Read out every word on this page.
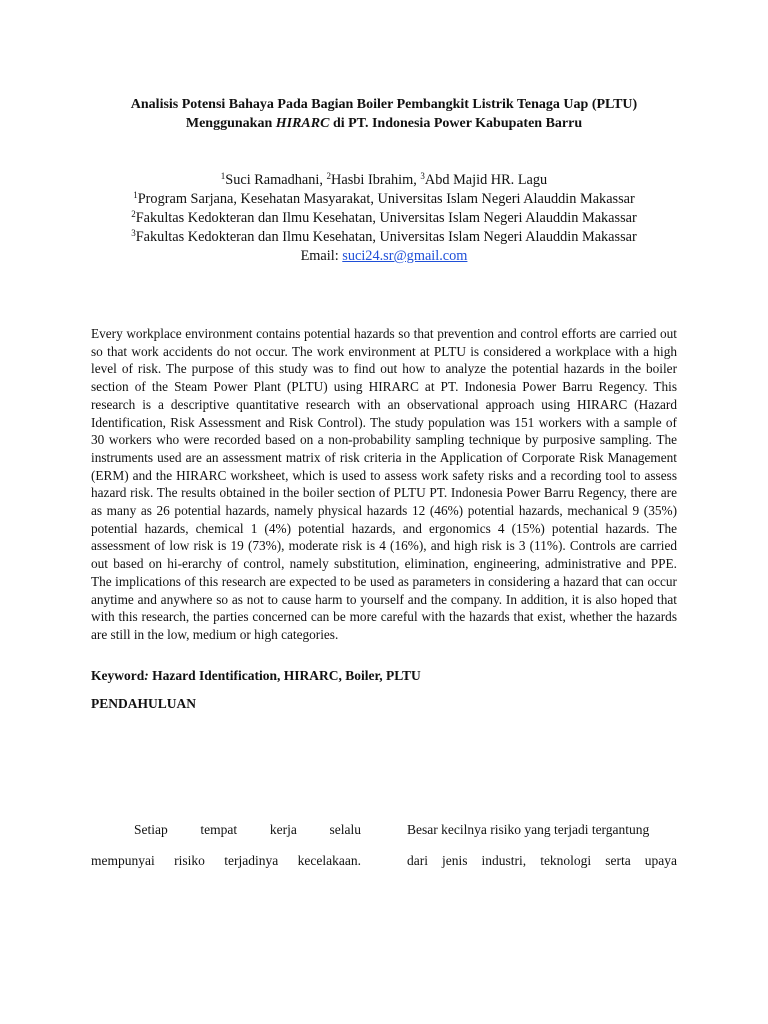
Analisis Potensi Bahaya Pada Bagian Boiler Pembangkit Listrik Tenaga Uap (PLTU)
Menggunakan HIRARC di PT. Indonesia Power Kabupaten Barru
$^1$Suci Ramadhani, $^2$Hasbi Ibrahim, $^3$Abd Majid HR. Lagu
$^1$Program Sarjana, Kesehatan Masyarakat, Universitas Islam Negeri Alauddin Makassar
$^2$Fakultas Kedokteran dan Ilmu Kesehatan, Universitas Islam Negeri Alauddin Makassar
$^3$Fakultas Kedokteran dan Ilmu Kesehatan, Universitas Islam Negeri Alauddin Makassar
Email: suci24.sr@gmail.com
Every workplace environment contains potential hazards so that prevention and control efforts are carried out so that work accidents do not occur. The work environment at PLTU is considered a workplace with a high level of risk. The purpose of this study was to find out how to analyze the potential hazards in the boiler section of the Steam Power Plant (PLTU) using HIRARC at PT. Indonesia Power Barru Regency. This research is a descriptive quantitative research with an observational approach using HIRARC (Hazard Identification, Risk Assessment and Risk Control). The study population was 151 workers with a sample of 30 workers who were recorded based on a non-probability sampling technique by purposive sampling. The instruments used are an assessment matrix of risk criteria in the Application of Corporate Risk Management (ERM) and the HIRARC worksheet, which is used to assess work safety risks and a recording tool to assess hazard risk. The results obtained in the boiler section of PLTU PT. Indonesia Power Barru Regency, there are as many as 26 potential hazards, namely physical hazards 12 (46%) potential hazards, mechanical 9 (35%) potential hazards, chemical 1 (4%) potential hazards, and ergonomics 4 (15%) potential hazards. The assessment of low risk is 19 (73%), moderate risk is 4 (16%), and high risk is 3 (11%). Controls are carried out based on hi-erarchy of control, namely substitution, elimination, engineering, administrative and PPE. The implications of this research are expected to be used as parameters in considering a hazard that can occur anytime and anywhere so as not to cause harm to yourself and the company. In addition, it is also hoped that with this research, the parties concerned can be more careful with the hazards that exist, whether the hazards are still in the low, medium or high categories.
Keyword: Hazard Identification, HIRARC, Boiler, PLTU
PENDAHULUAN
Setiap tempat kerja selalu
mempunyai risiko terjadinya kecelakaan.
Besar kecilnya risiko yang terjadi tergantung
dari jenis industri, teknologi serta upaya
